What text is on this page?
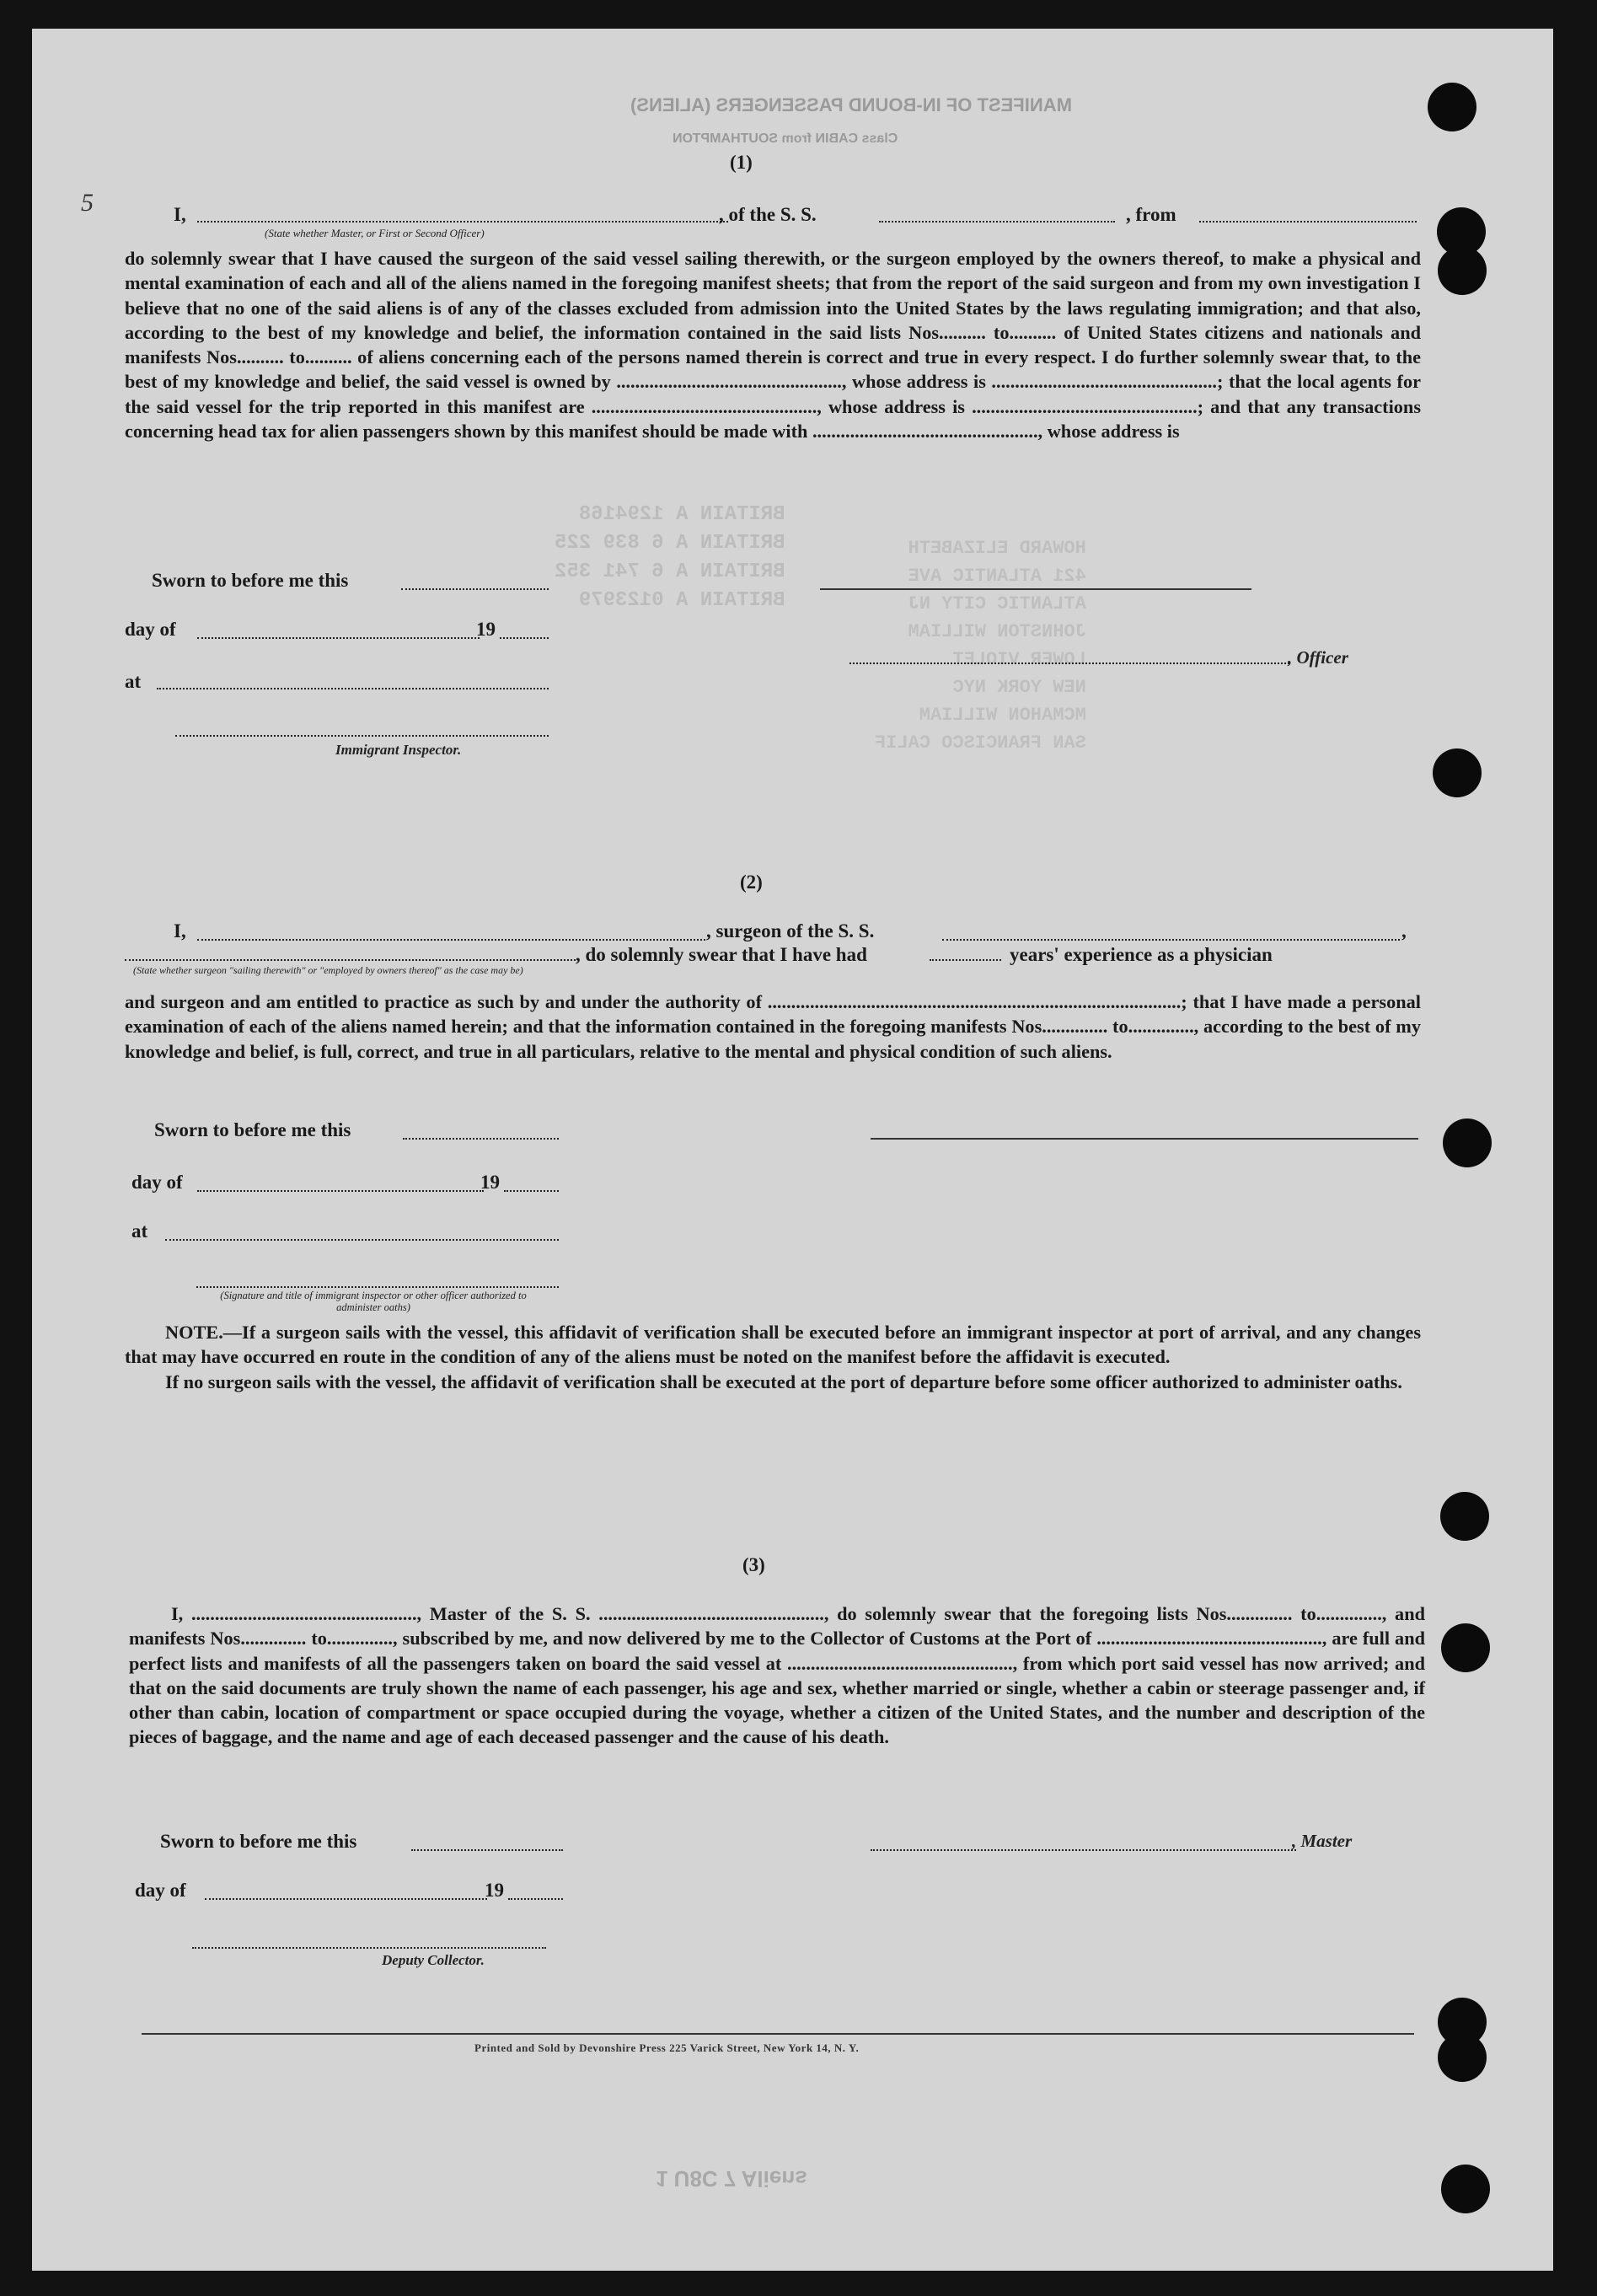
MANIFEST OF IN-BOUND PASSENGERS (ALIENS)
Class CABIN from SOUTHAMPTON
BRITAIN A 1294168
BRITAIN A 6 839 225
BRITAIN A 6 741 352
BRITAIN A 0123979
HOWARD ELIZABETH
421 ATLANTIC AVE
ATLANTIC CITY NJ
JOHNSTON WILLIAM
LOWER VIOLET
NEW YORK NYC
MCMAHON WILLIAM
SAN FRANCISCO CALIF
5
(1)
I,	, of the S. S.	, from
(State whether Master, or First or Second Officer)
do solemnly swear that I have caused the surgeon of the said vessel sailing therewith, or the surgeon employed by the owners thereof, to make a physical and mental examination of each and all of the aliens named in the foregoing manifest sheets; that from the report of the said surgeon and from my own investigation I believe that no one of the said aliens is of any of the classes excluded from admission into the United States by the laws regulating immigration; and that also, according to the best of my knowledge and belief, the information contained in the said lists Nos.......... to.......... of United States citizens and nationals and manifests Nos.......... to.......... of aliens concerning each of the persons named therein is correct and true in every respect. I do further solemnly swear that, to the best of my knowledge and belief, the said vessel is owned by ................................................, whose address is ................................................; that the local agents for the said vessel for the trip reported in this manifest are ................................................, whose address is ................................................; and that any transactions concerning head tax for alien passengers shown by this manifest should be made with ................................................, whose address is
Sworn to before me this
day of	19
, Officer
at
Immigrant Inspector.
(2)
I,	, surgeon of the S. S.	,
, do solemnly swear that I have had	years' experience as a physician
(State whether surgeon "sailing therewith" or "employed by owners thereof" as the case may be)
and surgeon and am entitled to practice as such by and under the authority of ........................................................................................; that I have made a personal examination of each of the aliens named herein; and that the information contained in the foregoing manifests Nos.............. to.............., according to the best of my knowledge and belief, is full, correct, and true in all particulars, relative to the mental and physical condition of such aliens.
Sworn to before me this
day of	19
at
(Signature and title of immigrant inspector or other officer authorized to administer oaths)

NOTE.—If a surgeon sails with the vessel, this affidavit of verification shall be executed before an immigrant inspector at port of arrival, and any changes that may have occurred en route in the condition of any of the aliens must be noted on the manifest before the affidavit is executed.

If no surgeon sails with the vessel, the affidavit of verification shall be executed at the port of departure before some officer authorized to administer oaths.

(3)
I, ................................................, Master of the S. S. ................................................, do solemnly swear that the foregoing lists Nos.............. to.............., and manifests Nos.............. to.............., subscribed by me, and now delivered by me to the Collector of Customs at the Port of ................................................, are full and perfect lists and manifests of all the passengers taken on board the said vessel at ................................................, from which port said vessel has now arrived; and that on the said documents are truly shown the name of each passenger, his age and sex, whether married or single, whether a cabin or steerage passenger and, if other than cabin, location of compartment or space occupied during the voyage, whether a citizen of the United States, and the number and description of the pieces of baggage, and the name and age of each deceased passenger and the cause of his death.
Sworn to before me this	, Master
day of	19
Deputy Collector.
Printed and Sold by Devonshire Press 225 Varick Street, New York 14, N. Y.
1 U8C 7 Aliens
